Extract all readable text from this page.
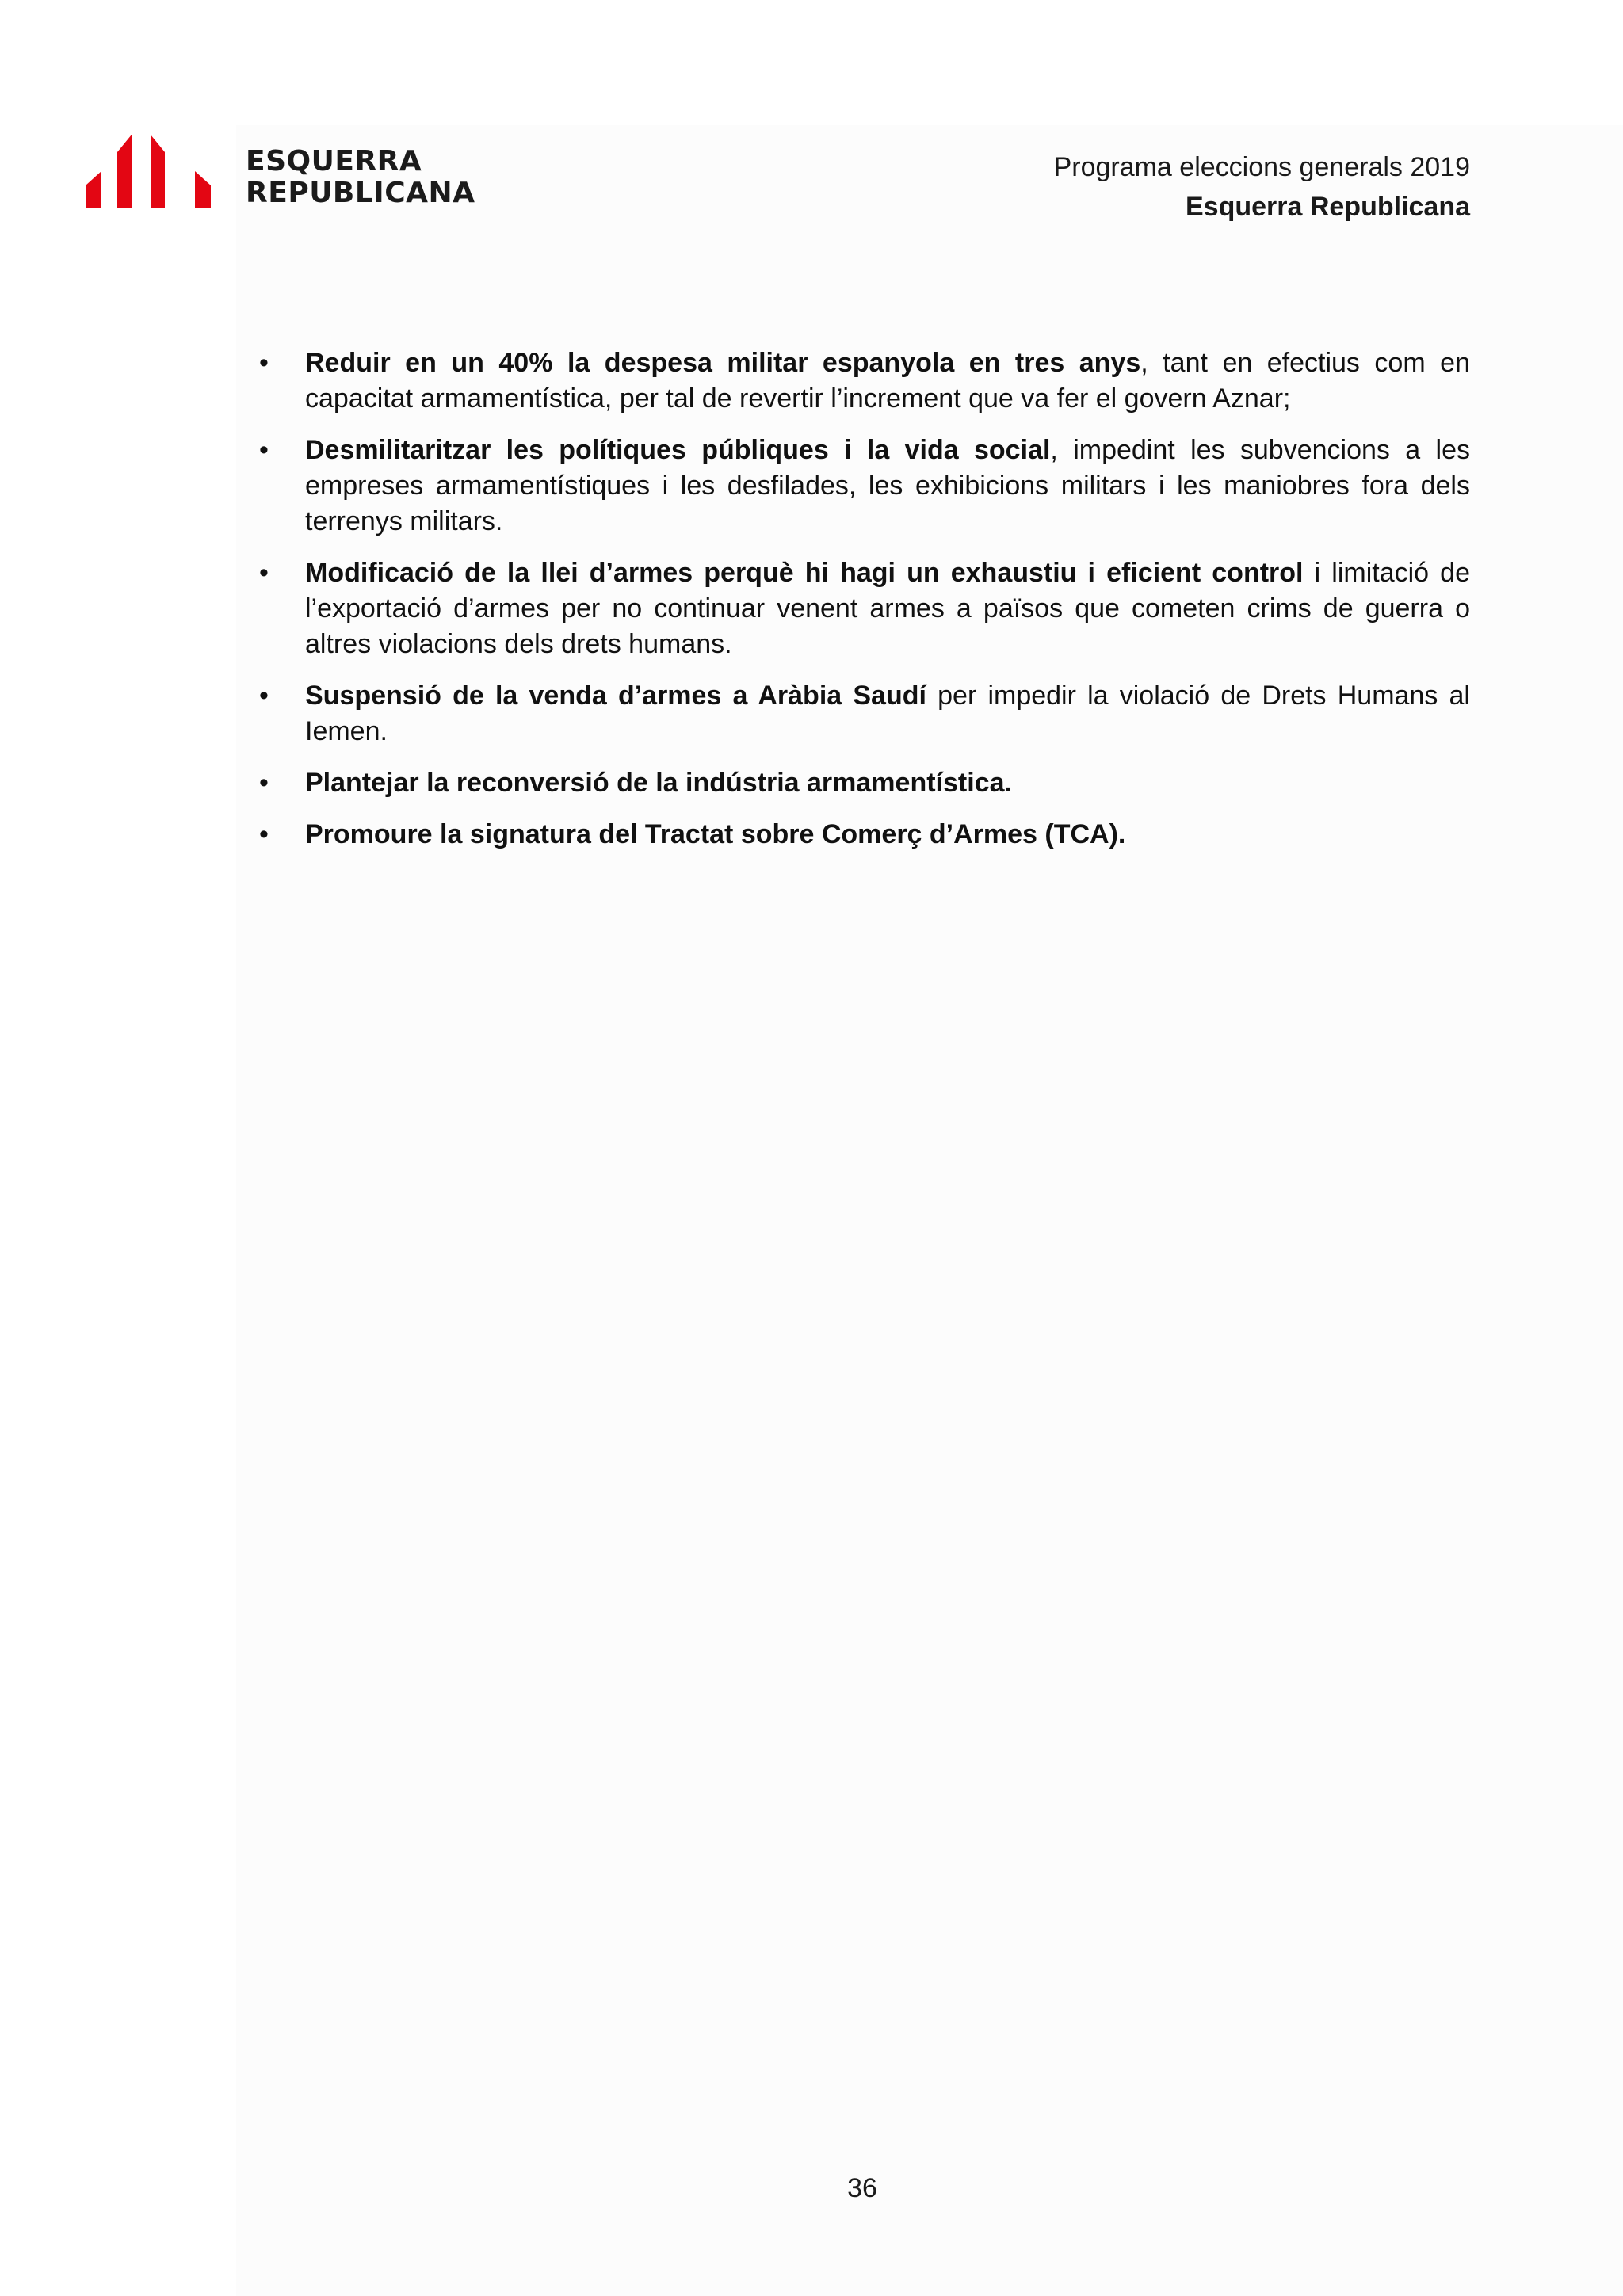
ESQUERRA
REPUBLICANA
Programa eleccions generals 2019
Esquerra Republicana
• Reduir en un 40% la despesa militar espanyola en tres anys, tant en efectius com en capacitat armamentística, per tal de revertir l’increment que va fer el govern Aznar;
• Desmilitaritzar les polítiques públiques i la vida social, impedint les subvencions a les empreses armamentístiques i les desfilades, les exhibicions militars i les maniobres fora dels terrenys militars.
• Modificació de la llei d’armes perquè hi hagi un exhaustiu i eficient control i limitació de l’exportació d’armes per no continuar venent armes a països que cometen crims de guerra o altres violacions dels drets humans.
• Suspensió de la venda d’armes a Aràbia Saudí per impedir la violació de Drets Humans al Iemen.
• Plantejar la reconversió de la indústria armamentística.
• Promoure la signatura del Tractat sobre Comerç d’Armes (TCA).
36
